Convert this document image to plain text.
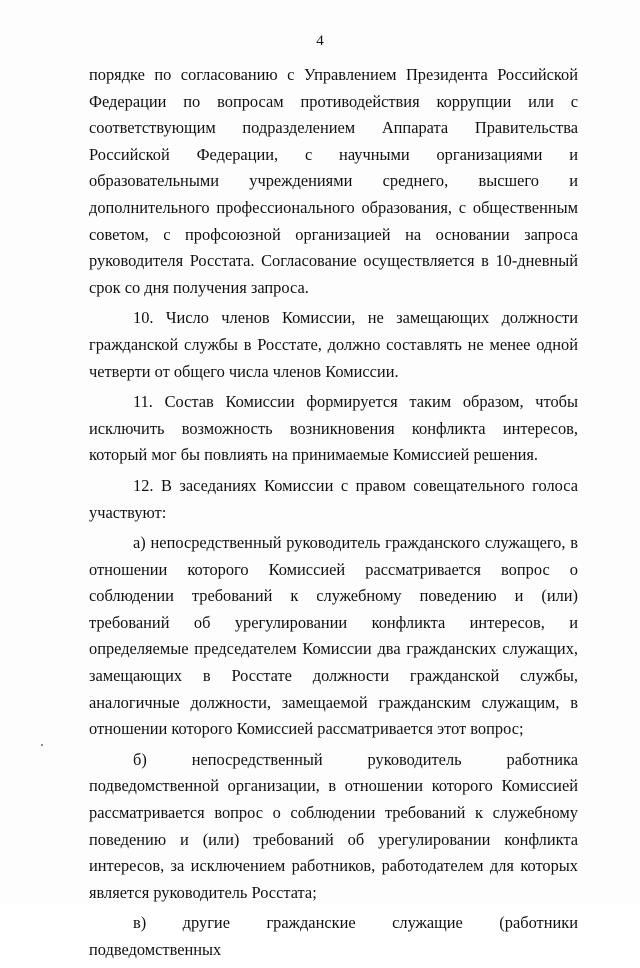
4

порядке по согласованию с Управлением Президента Российской Федерации по вопросам противодействия коррупции или с соответствующим подразделением Аппарата Правительства Российской Федерации, с научными организациями и образовательными учреждениями среднего, высшего и дополнительного профессионального образования, с общественным советом, с профсоюзной организацией на основании запроса руководителя Росстата. Согласование осуществляется в 10-дневный срок со дня получения запроса.

10. Число членов Комиссии, не замещающих должности гражданской службы в Росстате, должно составлять не менее одной четверти от общего числа членов Комиссии.

11. Состав Комиссии формируется таким образом, чтобы исключить возможность возникновения конфликта интересов, который мог бы повлиять на принимаемые Комиссией решения.

12. В заседаниях Комиссии с правом совещательного голоса участвуют:

а) непосредственный руководитель гражданского служащего, в отношении которого Комиссией рассматривается вопрос о соблюдении требований к служебному поведению и (или) требований об урегулировании конфликта интересов, и определяемые председателем Комиссии два гражданских служащих, замещающих в Росстате должности гражданской службы, аналогичные должности, замещаемой гражданским служащим, в отношении которого Комиссией рассматривается этот вопрос;

б) непосредственный руководитель работника подведомственной организации, в отношении которого Комиссией рассматривается вопрос о соблюдении требований к служебному поведению и (или) требований об урегулировании конфликта интересов, за исключением работников, работодателем для которых является руководитель Росстата;

в) другие гражданские служащие (работники подведомственных
